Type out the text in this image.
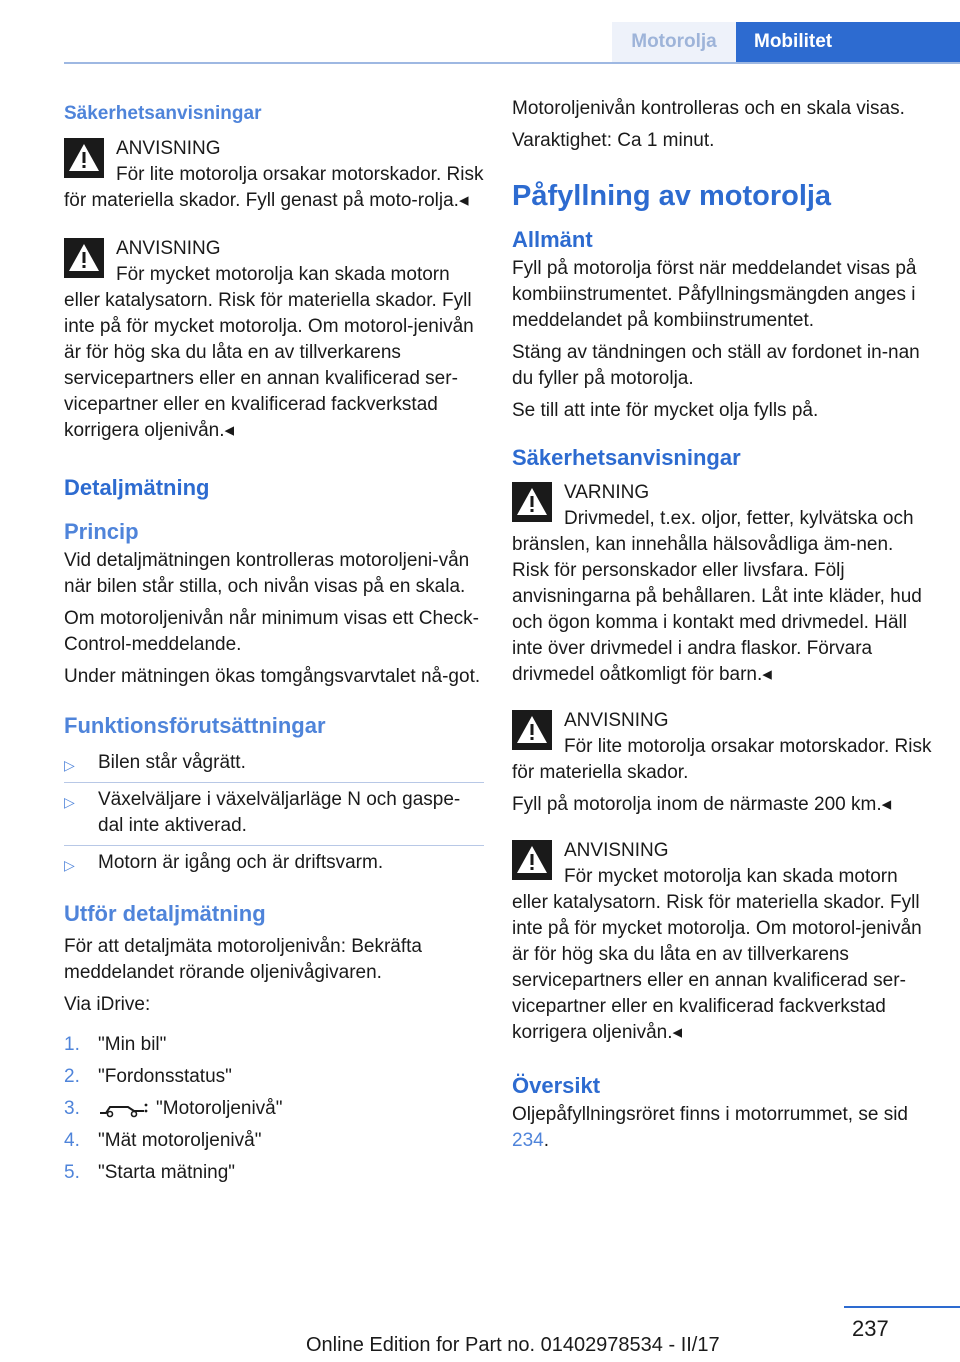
Motorolja	Mobilitet
Säkerhetsanvisningar
ANVISNING
För lite motorolja orsakar motorskador. Risk för materiella skador. Fyll genast på moto-rolja.◂
ANVISNING
För mycket motorolja kan skada motorn eller katalysatorn. Risk för materiella skador. Fyll inte på för mycket motorolja. Om motorol-jenivån är för hög ska du låta en av tillverkarens servicepartners eller en annan kvalificerad ser-vicepartner eller en kvalificerad fackverkstad korrigera oljenivån.◂
Detaljmätning
Princip

Vid detaljmätningen kontrolleras motoroljeni-vån när bilen står stilla, och nivån visas på en skala.

Om motoroljenivån når minimum visas ett Check-Control-meddelande.

Under mätningen ökas tomgångsvarvtalet nå-got.

Funktionsförutsättningar
▷ Bilen står vågrätt.
▷ Växelväljare i växelväljarläge N och gaspe-dal inte aktiverad.
▷ Motorn är igång och är driftsvarm.
Utför detaljmätning

För att detaljmäta motoroljenivån: Bekräfta meddelandet rörande oljenivågivaren.

Via iDrive:

1. "Min bil"
2. "Fordonsstatus"
3.	"Motoroljenivå"
4. "Mät motoroljenivå"
5. "Starta mätning"

Motoroljenivån kontrolleras och en skala visas.

Varaktighet: Ca 1 minut.

Påfyllning av motorolja
Allmänt

Fyll på motorolja först när meddelandet visas på kombiinstrumentet. Påfyllningsmängden anges i meddelandet på kombiinstrumentet.

Stäng av tändningen och ställ av fordonet in-nan du fyller på motorolja.

Se till att inte för mycket olja fylls på.

Säkerhetsanvisningar
VARNING
Drivmedel, t.ex. oljor, fetter, kylvätska och bränslen, kan innehålla hälsovådliga äm-nen. Risk för personskador eller livsfara. Följ anvisningarna på behållaren. Låt inte kläder, hud och ögon komma i kontakt med drivmedel. Häll inte över drivmedel i andra flaskor. Förvara drivmedel oåtkomligt för barn.◂
ANVISNING
För lite motorolja orsakar motorskador. Risk för materiella skador.
Fyll på motorolja inom de närmaste 200 km.◂
ANVISNING
För mycket motorolja kan skada motorn eller katalysatorn. Risk för materiella skador. Fyll inte på för mycket motorolja. Om motorol-jenivån är för hög ska du låta en av tillverkarens servicepartners eller en annan kvalificerad ser-vicepartner eller en kvalificerad fackverkstad korrigera oljenivån.◂
Översikt

Oljepåfyllningsröret finns i motorrummet, se sid 234.

237
Online Edition for Part no. 01402978534 - II/17
